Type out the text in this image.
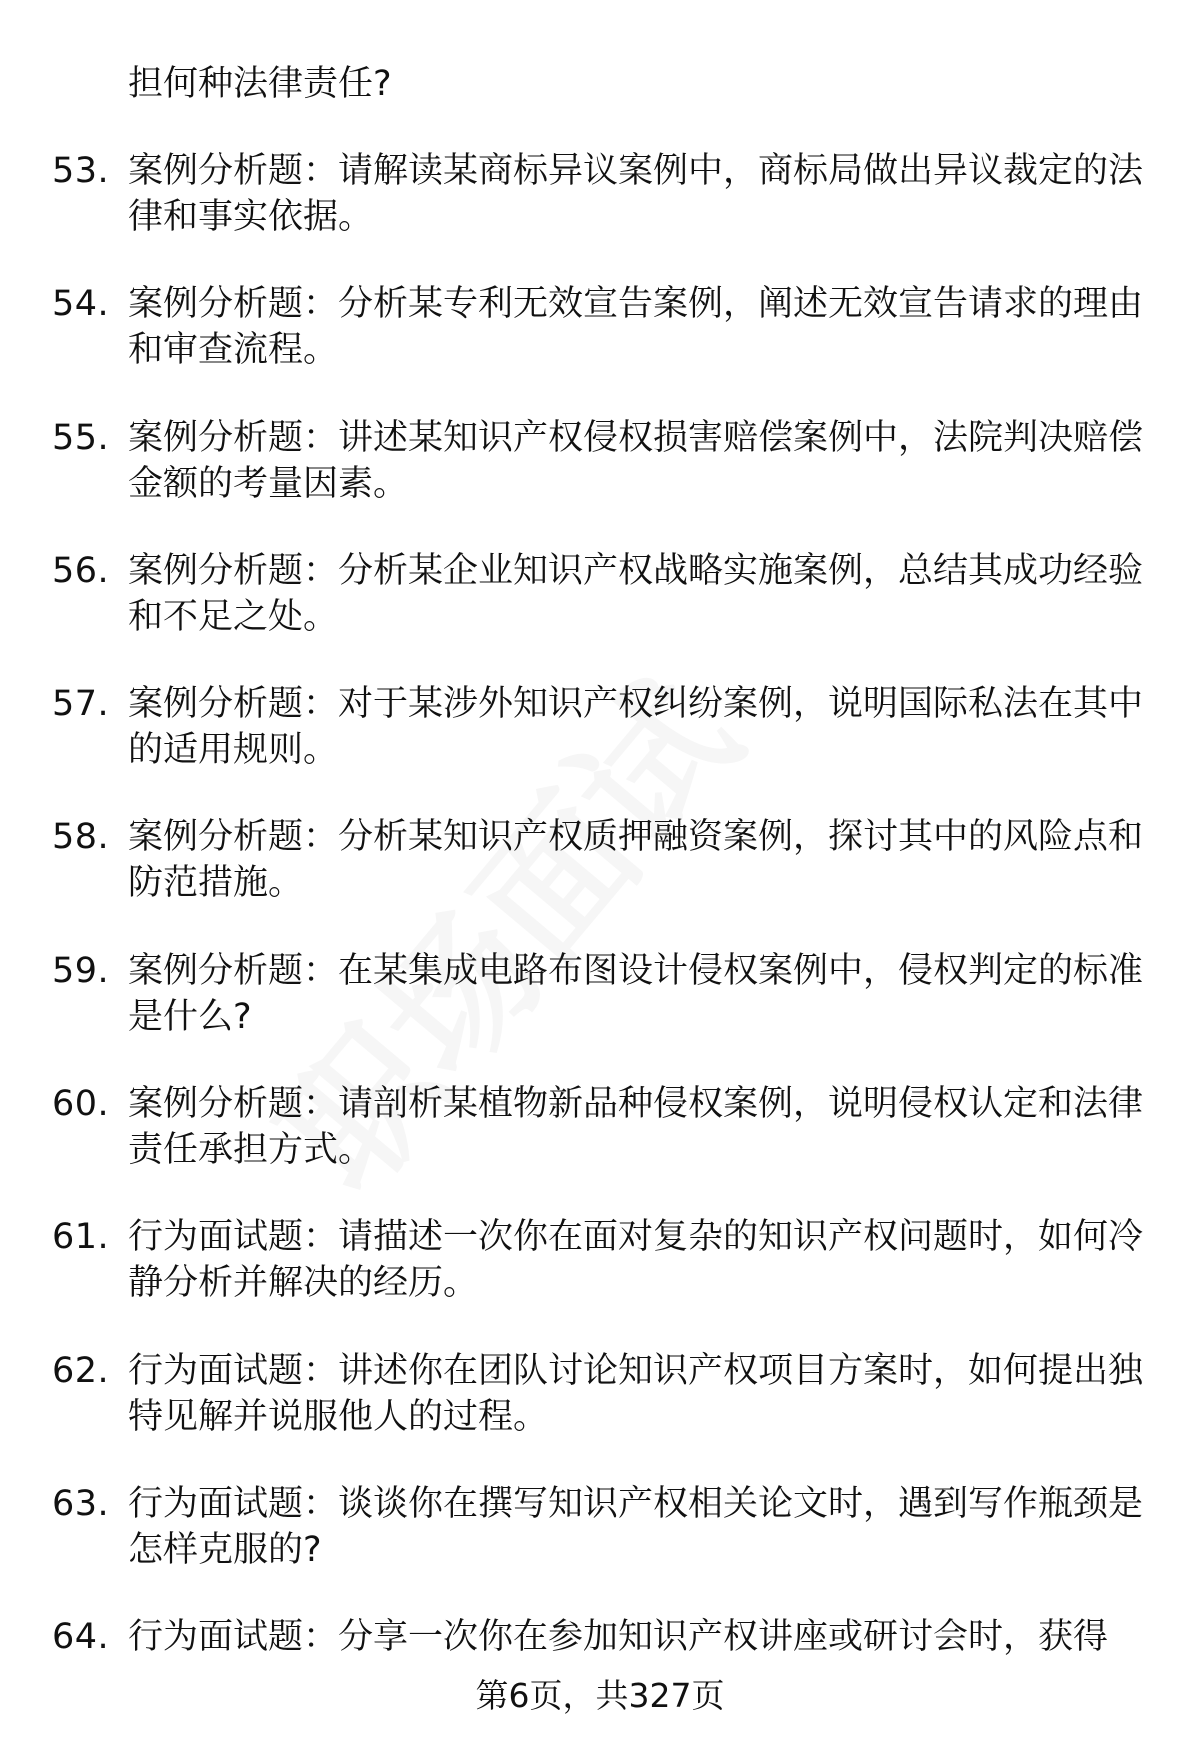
担何种法律责任?
53. 案例分析题：请解读某商标异议案例中，商标局做出异议裁定的法律和事实依据。
54. 案例分析题：分析某专利无效宣告案例，阐述无效宣告请求的理由和审查流程。
55. 案例分析题：讲述某知识产权侵权损害赔偿案例中，法院判决赔偿金额的考量因素。
56. 案例分析题：分析某企业知识产权战略实施案例，总结其成功经验和不足之处。
57. 案例分析题：对于某涉外知识产权纠纷案例，说明国际私法在其中的适用规则。
58. 案例分析题：分析某知识产权质押融资案例，探讨其中的风险点和防范措施。
59. 案例分析题：在某集成电路布图设计侵权案例中，侵权判定的标准是什么?
60. 案例分析题：请剖析某植物新品种侵权案例，说明侵权认定和法律责任承担方式。
61. 行为面试题：请描述一次你在面对复杂的知识产权问题时，如何冷静分析并解决的经历。
62. 行为面试题：讲述你在团队讨论知识产权项目方案时，如何提出独特见解并说服他人的过程。
63. 行为面试题：谈谈你在撰写知识产权相关论文时，遇到写作瓶颈是怎样克服的?
64. 行为面试题：分享一次你在参加知识产权讲座或研讨会时，获得
第6页，共327页
